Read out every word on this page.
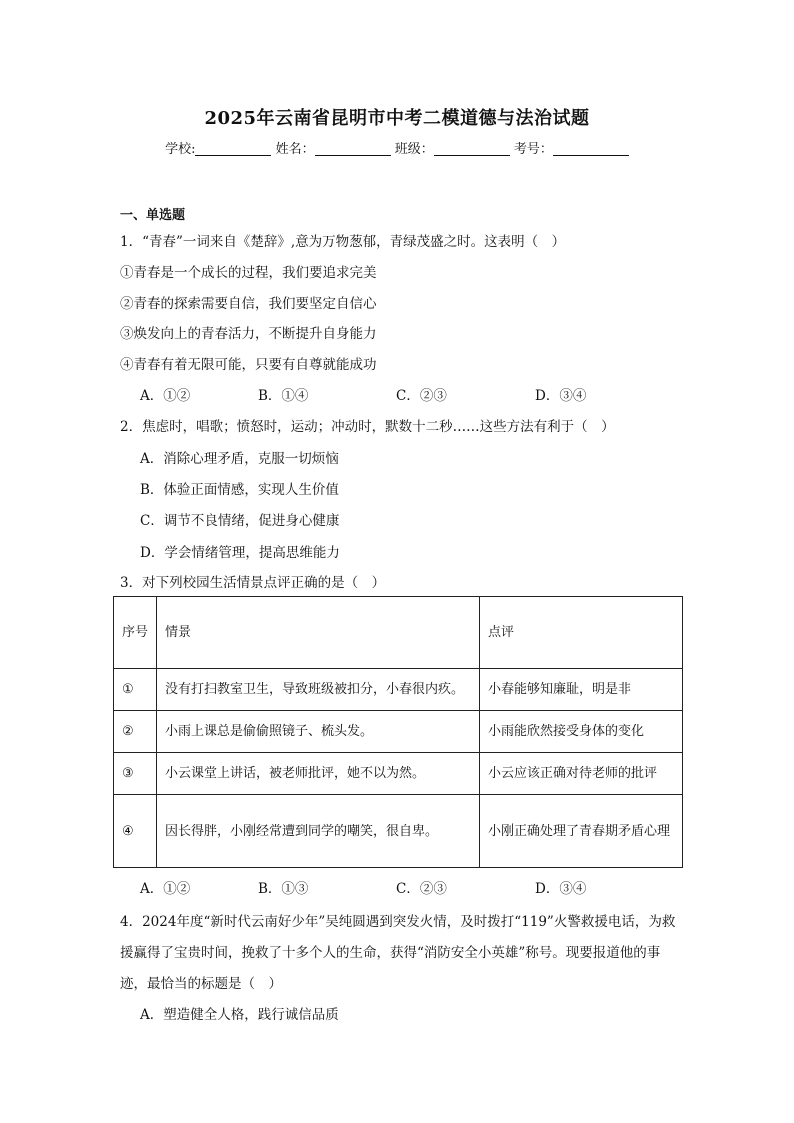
2025年云南省昆明市中考二模道德与法治试题
学校:	姓名：	班级：	考号：
一、单选题
1．“青春”一词来自《楚辞》,意为万物葱郁，青绿茂盛之时。这表明（　）
①青春是一个成长的过程，我们要追求完美
②青春的探索需要自信，我们要坚定自信心
③焕发向上的青春活力，不断提升自身能力
④青春有着无限可能，只要有自尊就能成功
A．①②	B．①④	C．②③	D．③④
2．焦虑时，唱歌；愤怒时，运动；冲动时，默数十二秒……这些方法有利于（　）
A．消除心理矛盾，克服一切烦恼
B．体验正面情感，实现人生价值
C．调节不良情绪，促进身心健康
D．学会情绪管理，提高思维能力
3．对下列校园生活情景点评正确的是（　）
序号	情景	点评
①	没有打扫教室卫生，导致班级被扣分，小春很内疚。	小春能够知廉耻，明是非
②	小雨上课总是偷偷照镜子、梳头发。	小雨能欣然接受身体的变化
③	小云课堂上讲话，被老师批评，她不以为然。	小云应该正确对待老师的批评
④	因长得胖，小刚经常遭到同学的嘲笑，很自卑。	小刚正确处理了青春期矛盾心理
A．①②	B．①③	C．②③	D．③④
4．2024年度“新时代云南好少年”吴纯圆遇到突发火情，及时拨打“119”火警救援电话，为救
援赢得了宝贵时间，挽救了十多个人的生命，获得“消防安全小英雄”称号。现要报道他的事
迹，最恰当的标题是（　）
A．塑造健全人格，践行诚信品质
